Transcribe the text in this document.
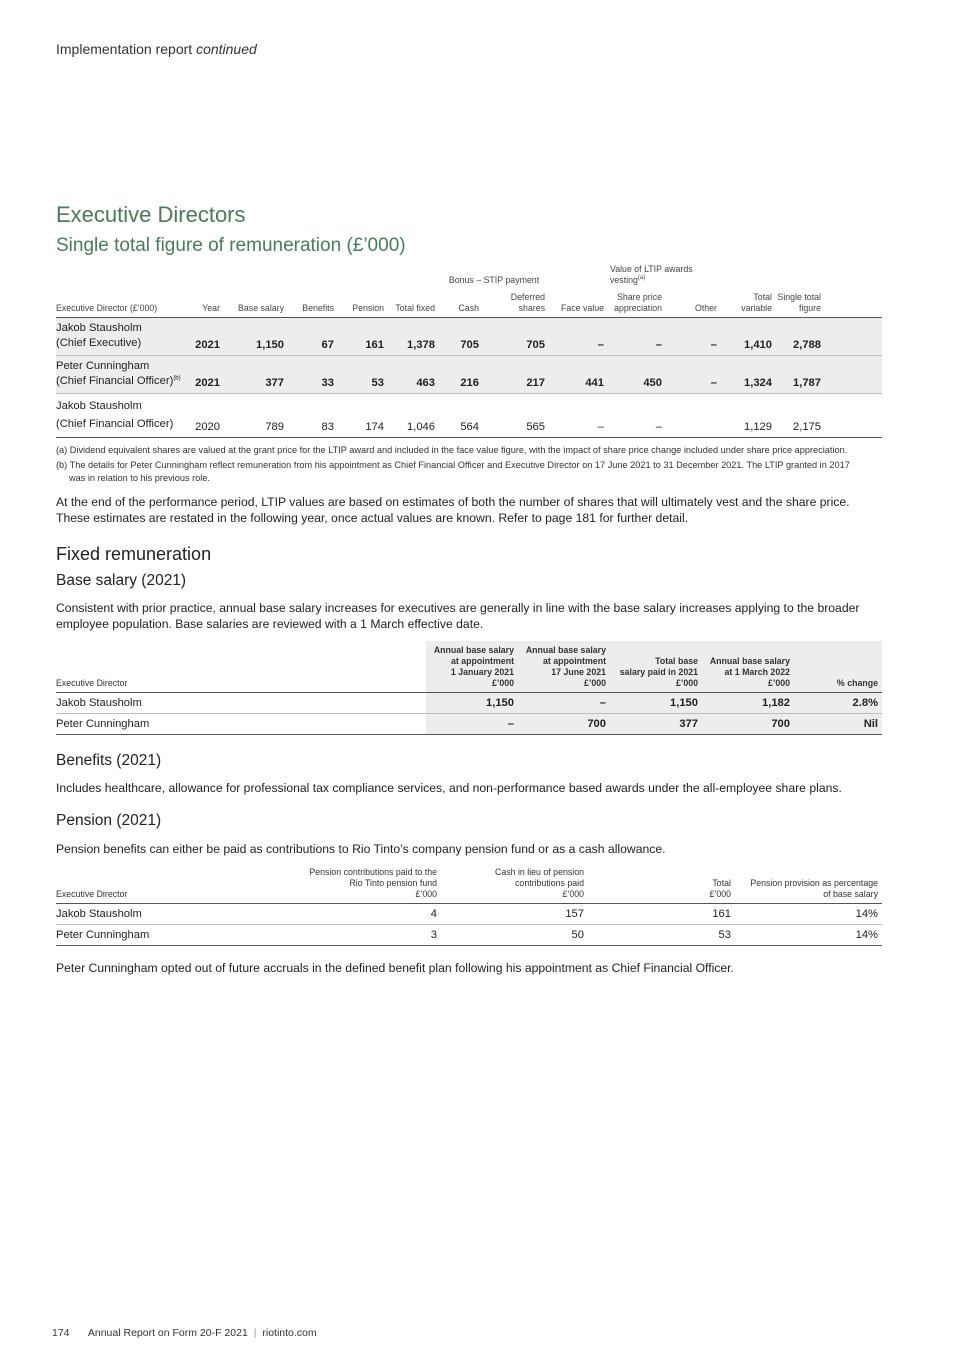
Implementation report continued
Executive Directors
Single total figure of remuneration (£’000)
						Bonus – STIP payment			Value of LTIP awards vesting$^{(a)}$	
Executive Director (£’000)	Year	Base salary	Benefits	Pension	Total fixed	Cash	Deferred shares	Face value	Share price appreciation	Other	Total variable	Single total figure	
Jakob Stausholm
(Chief Executive)	2021	1,150	67	161	1,378	705	705	–	–	–	1,410	2,788	
Peter Cunningham
(Chief Financial Officer)$^{(b)}$	2021	377	33	53	463	216	217	441	450	–	1,324	1,787	
Jakob Stausholm
(Chief Financial Officer)	2020	789	83	174	1,046	564	565	–	–		1,129	2,175	
(a) Dividend equivalent shares are valued at the grant price for the LTIP award and included in the face value figure, with the impact of share price change included under share price appreciation.
(b) The details for Peter Cunningham reflect remuneration from his appointment as Chief Financial Officer and Executive Director on 17 June 2021 to 31 December 2021. The LTIP granted in 2017
was in relation to his previous role.
At the end of the performance period, LTIP values are based on estimates of both the number of shares that will ultimately vest and the share price. These estimates are restated in the following year, once actual values are known. Refer to page 181 for further detail.
Fixed remuneration
Base salary (2021)
Consistent with prior practice, annual base salary increases for executives are generally in line with the base salary increases applying to the broader employee population. Base salaries are reviewed with a 1 March effective date.
Executive Director	Annual base salary
at appointment
1 January 2021
£’000	Annual base salary
at appointment
17 June 2021
£’000	Total base
salary paid in 2021
£’000	Annual base salary
at 1 March 2022
£’000	% change
Jakob Stausholm	1,150	–	1,150	1,182	2.8%
Peter Cunningham	–	700	377	700	Nil
Benefits (2021)
Includes healthcare, allowance for professional tax compliance services, and non-performance based awards under the all-employee share plans.
Pension (2021)
Pension benefits can either be paid as contributions to Rio Tinto’s company pension fund or as a cash allowance.
Executive Director	Pension contributions paid to the
Rio Tinto pension fund
£’000	Cash in lieu of pension
contributions paid
£’000	Total
£’000	Pension provision as percentage
of base salary
Jakob Stausholm	4	157	161	14%
Peter Cunningham	3	50	53	14%
Peter Cunningham opted out of future accruals in the defined benefit plan following his appointment as Chief Financial Officer.
174 Annual Report on Form 20-F 2021 | riotinto.com
